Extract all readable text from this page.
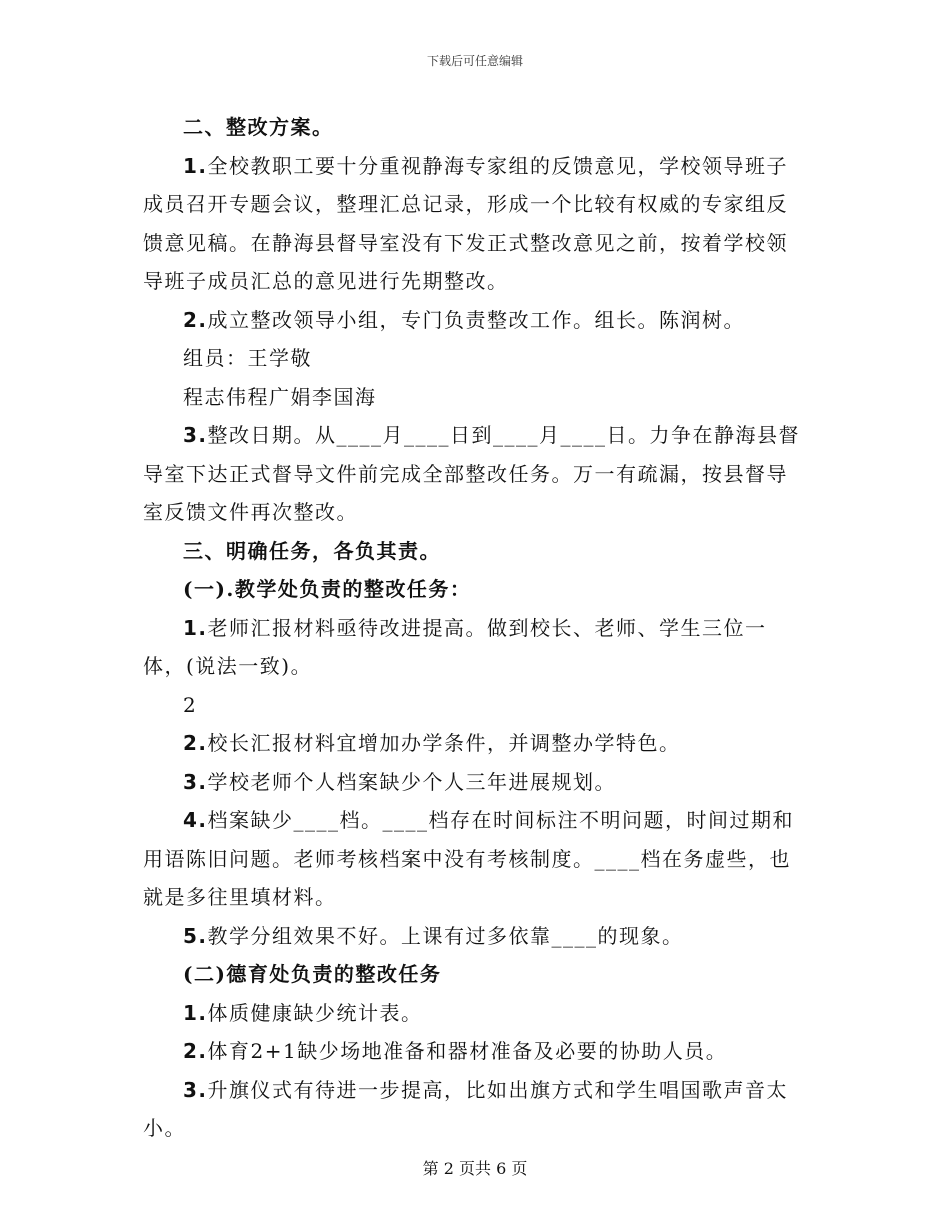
下载后可任意编辑

二、整改方案。

1.全校教职工要十分重视静海专家组的反馈意见，学校领导班子成员召开专题会议，整理汇总记录，形成一个比较有权威的专家组反馈意见稿。在静海县督导室没有下发正式整改意见之前，按着学校领导班子成员汇总的意见进行先期整改。

2.成立整改领导小组，专门负责整改工作。组长。陈润树。

组员：王学敬

程志伟程广娟李国海

3.整改日期。从____月____日到____月____日。力争在静海县督导室下达正式督导文件前完成全部整改任务。万一有疏漏，按县督导室反馈文件再次整改。

三、明确任务，各负其责。

(一).教学处负责的整改任务：

1.老师汇报材料亟待改进提高。做到校长、老师、学生三位一体，(说法一致)。

2

2.校长汇报材料宜增加办学条件，并调整办学特色。

3.学校老师个人档案缺少个人三年进展规划。

4.档案缺少____档。____档存在时间标注不明问题，时间过期和用语陈旧问题。老师考核档案中没有考核制度。____档在务虚些，也就是多往里填材料。

5.教学分组效果不好。上课有过多依靠____的现象。

(二)德育处负责的整改任务

1.体质健康缺少统计表。

2.体育2+1缺少场地准备和器材准备及必要的协助人员。

3.升旗仪式有待进一步提高，比如出旗方式和学生唱国歌声音太小。

第 2 页共 6 页
